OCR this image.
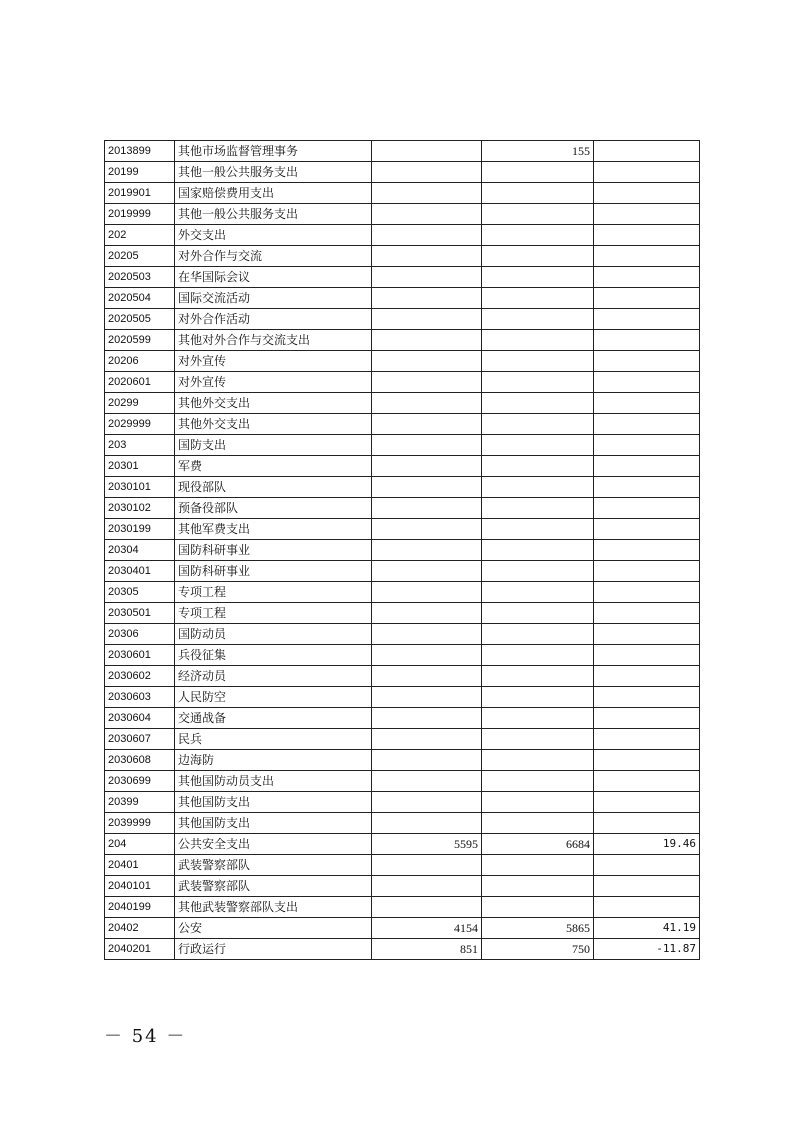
2013899	其他市场监督管理事务		155	
20199	其他一般公共服务支出			
2019901	国家赔偿费用支出			
2019999	其他一般公共服务支出			
202	外交支出			
20205	对外合作与交流			
2020503	在华国际会议			
2020504	国际交流活动			
2020505	对外合作活动			
2020599	其他对外合作与交流支出			
20206	对外宣传			
2020601	对外宣传			
20299	其他外交支出			
2029999	其他外交支出			
203	国防支出			
20301	军费			
2030101	现役部队			
2030102	预备役部队			
2030199	其他军费支出			
20304	国防科研事业			
2030401	国防科研事业			
20305	专项工程			
2030501	专项工程			
20306	国防动员			
2030601	兵役征集			
2030602	经济动员			
2030603	人民防空			
2030604	交通战备			
2030607	民兵			
2030608	边海防			
2030699	其他国防动员支出			
20399	其他国防支出			
2039999	其他国防支出			
204	公共安全支出	5595	6684	19.46
20401	武装警察部队			
2040101	武装警察部队			
2040199	其他武装警察部队支出			
20402	公安	4154	5865	41.19
2040201	行政运行	851	750	-11.87
－ 54 －
